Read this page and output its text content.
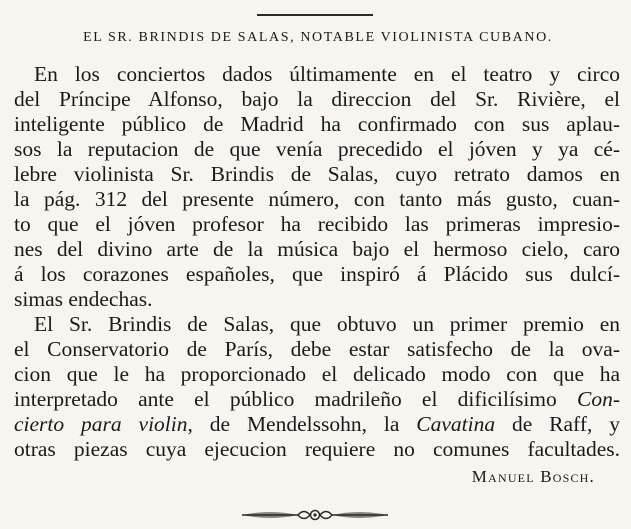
EL SR. BRINDIS DE SALAS, NOTABLE VIOLINISTA CUBANO.
En los conciertos dados últimamente en el teatro y circo
del Príncipe Alfonso, bajo la direccion del Sr. Rivière, el
inteligente público de Madrid ha confirmado con sus aplau-
sos la reputacion de que venía precedido el jóven y ya cé-
lebre violinista Sr. Brindis de Salas, cuyo retrato damos en
la pág. 312 del presente número, con tanto más gusto, cuan-
to que el jóven profesor ha recibido las primeras impresio-
nes del divino arte de la música bajo el hermoso cielo, caro
á los corazones españoles, que inspiró á Plácido sus dulcí-
simas endechas.
El Sr. Brindis de Salas, que obtuvo un primer premio en
el Conservatorio de París, debe estar satisfecho de la ova-
cion que le ha proporcionado el delicado modo con que ha
interpretado ante el público madrileño el dificilísimo Con-
cierto para violin, de Mendelssohn, la Cavatina de Raff, y
otras piezas cuya ejecucion requiere no comunes facultades.
Manuel Bosch.
